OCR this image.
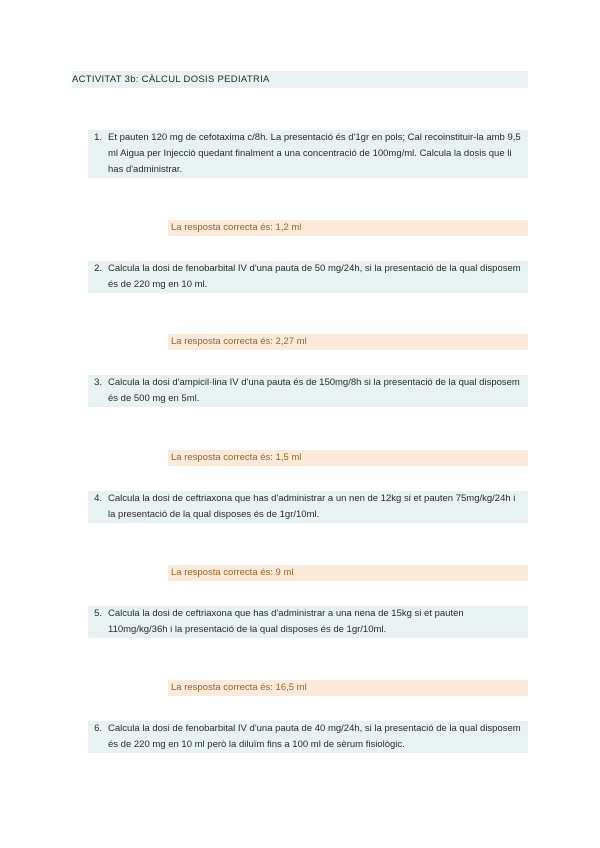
ACTIVITAT 3b: CÀLCUL DOSIS PEDIATRIA
1. Et pauten 120 mg de cefotaxima c/8h. La presentació és d'1gr en pols; Cal recoinstituir-la amb 9,5 ml Aigua per Injecció quedant finalment a una concentració de 100mg/ml. Calcula la dosis que li has d'administrar.
La resposta correcta és: 1,2 ml
2. Calcula la dosi de fenobarbital IV d'una pauta de 50 mg/24h, si la presentació de la qual disposem és de 220 mg en 10 ml.
La resposta correcta és: 2,27 ml
3. Calcula la dosi d'ampicil·lina IV d'una pauta és de 150mg/8h si la presentació de la qual disposem és de 500 mg en 5ml.
La resposta correcta és: 1,5 ml
4. Calcula la dosi de ceftriaxona que has d'administrar a un nen de 12kg si et pauten 75mg/kg/24h i la presentació de la qual disposes és de 1gr/10ml.
La resposta correcta és: 9 ml
5. Calcula la dosi de ceftriaxona que has d'administrar a una nena de 15kg si et pauten 110mg/kg/36h i la presentació de la qual disposes és de 1gr/10ml.
La resposta correcta és: 16,5 ml
6. Calcula la dosi de fenobarbital IV d'una pauta de 40 mg/24h, si la presentació de la qual disposem és de 220 mg en 10 ml però la diluïm fins a 100 ml de sèrum fisiològic.
